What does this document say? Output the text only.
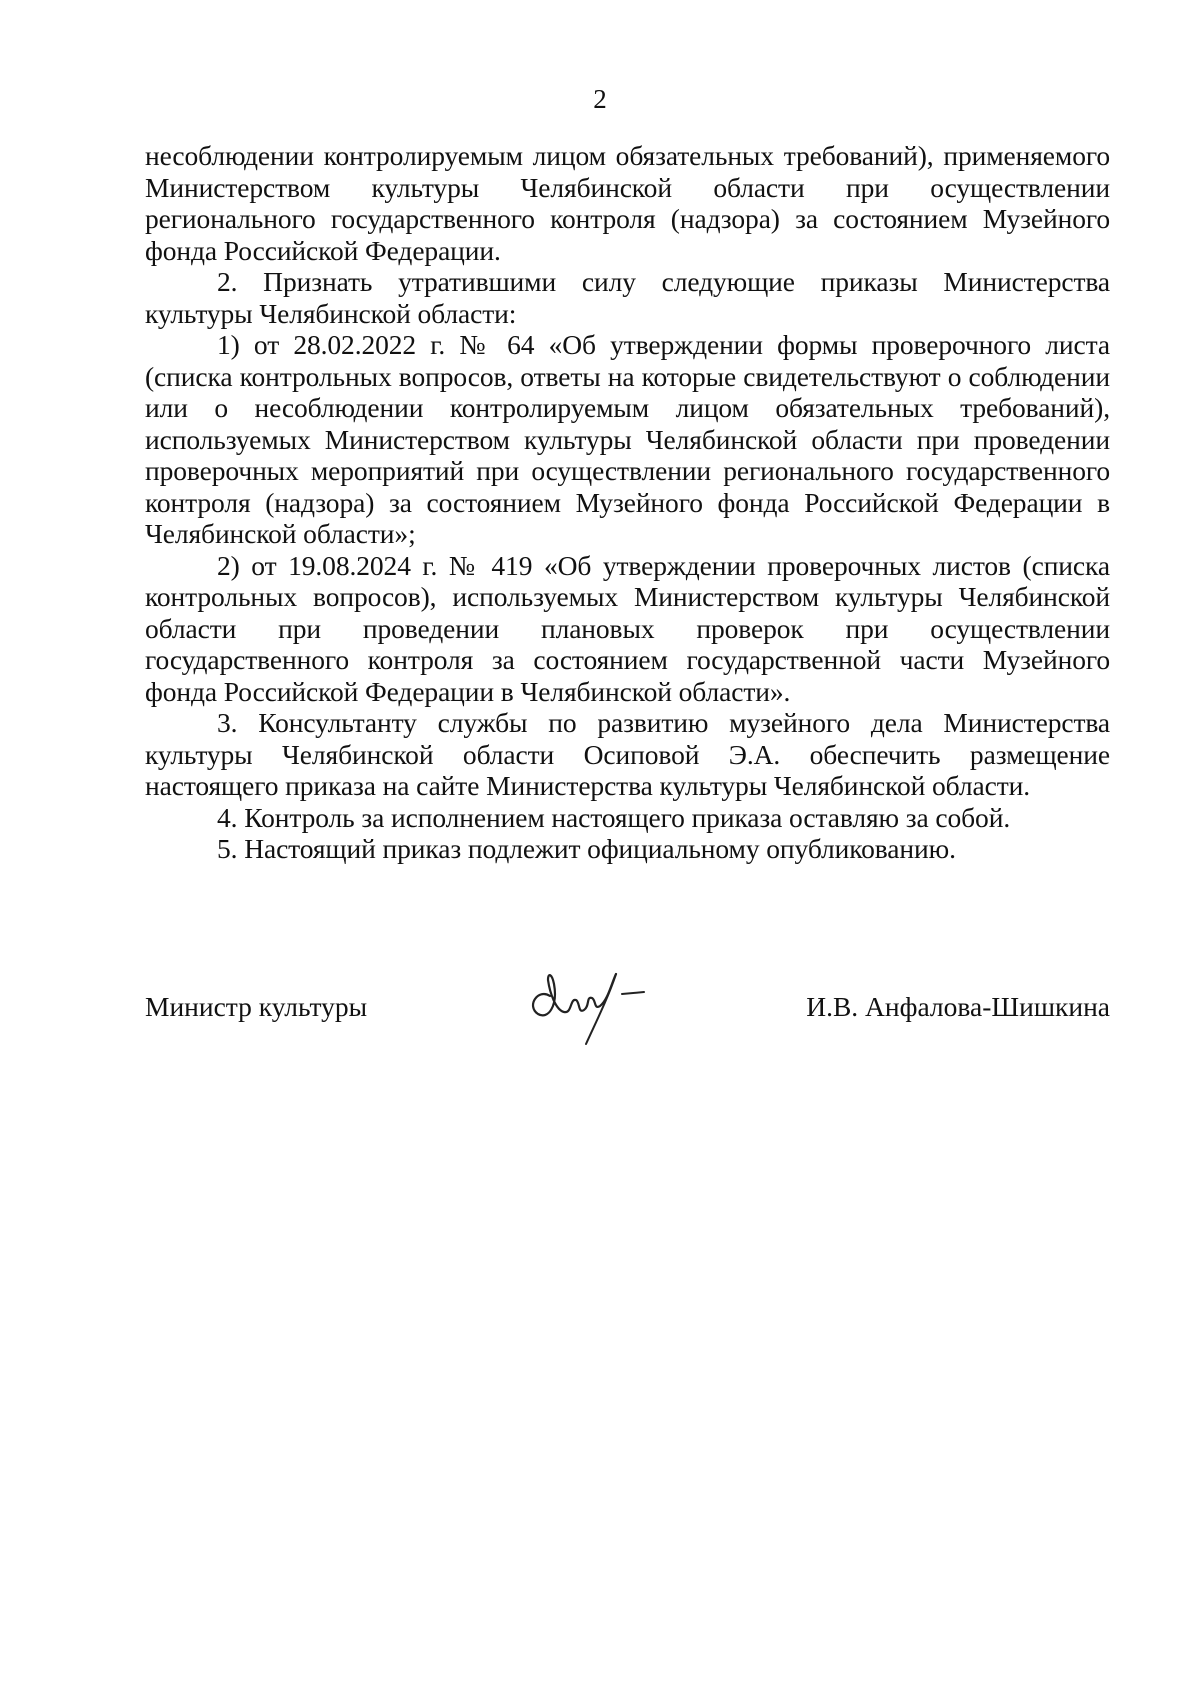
2

несоблюдении контролируемым лицом обязательных требований), применяемого Министерством культуры Челябинской области при осуществлении регионального государственного контроля (надзора) за состоянием Музейного фонда Российской Федерации.

2. Признать утратившими силу следующие приказы Министерства культуры Челябинской области:

1) от 28.02.2022 г. № 64 «Об утверждении формы проверочного листа (списка контрольных вопросов, ответы на которые свидетельствуют о соблюдении или о несоблюдении контролируемым лицом обязательных требований), используемых Министерством культуры Челябинской области при проведении проверочных мероприятий при осуществлении регионального государственного контроля (надзора) за состоянием Музейного фонда Российской Федерации в Челябинской области»;

2) от 19.08.2024 г. № 419 «Об утверждении проверочных листов (списка контрольных вопросов), используемых Министерством культуры Челябинской области при проведении плановых проверок при осуществлении государственного контроля за состоянием государственной части Музейного фонда Российской Федерации в Челябинской области».

3. Консультанту службы по развитию музейного дела Министерства культуры Челябинской области Осиповой Э.А. обеспечить размещение настоящего приказа на сайте Министерства культуры Челябинской области.

4. Контроль за исполнением настоящего приказа оставляю за собой.

5. Настоящий приказ подлежит официальному опубликованию.

Министр культуры	И.В. Анфалова-Шишкина
